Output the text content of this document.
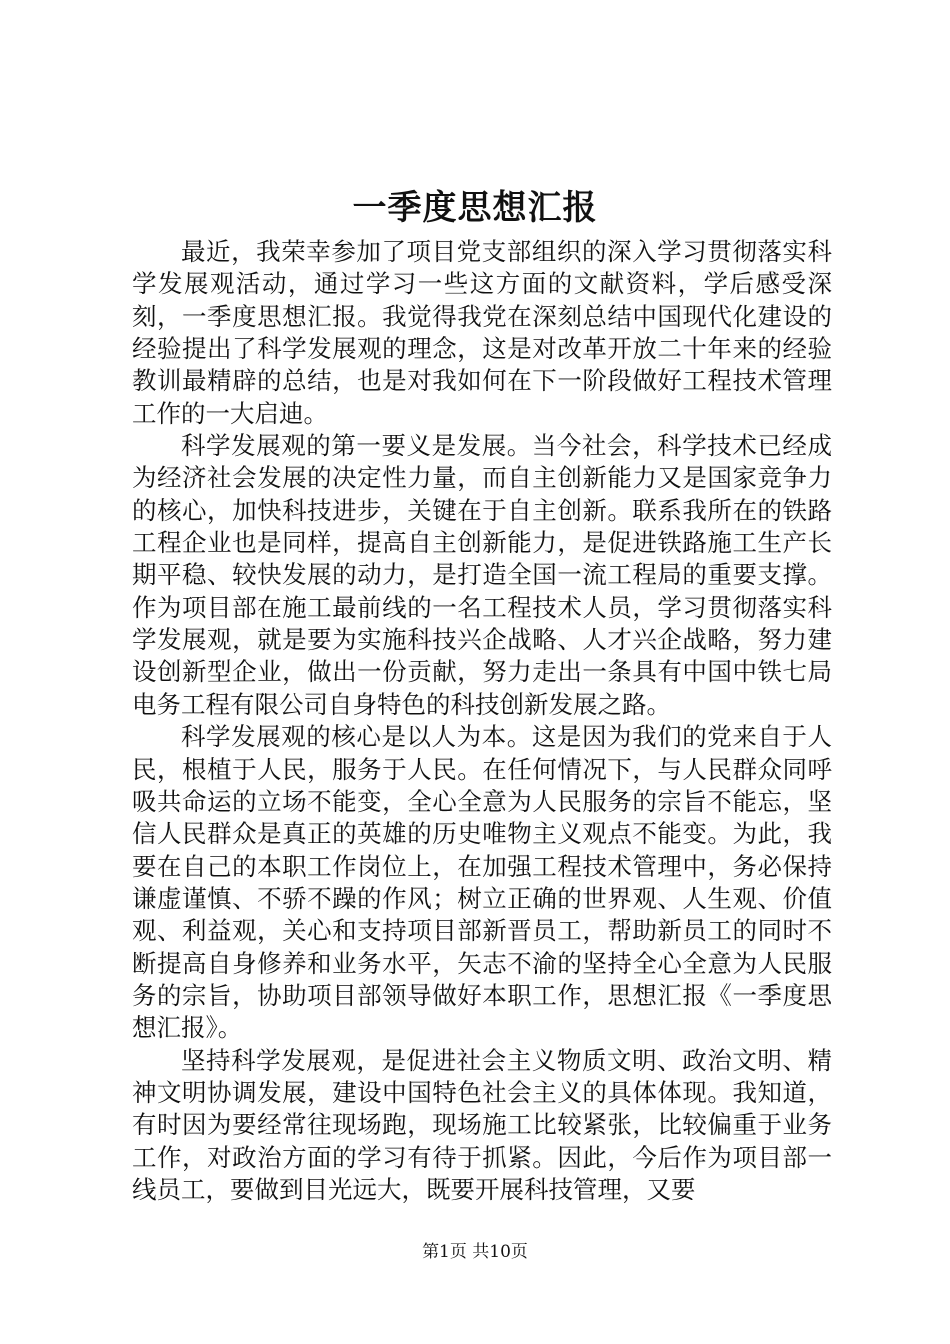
一季度思想汇报

最近，我荣幸参加了项目党支部组织的深入学习贯彻落实科学发展观活动，通过学习一些这方面的文献资料，学后感受深刻，一季度思想汇报。我觉得我党在深刻总结中国现代化建设的经验提出了科学发展观的理念，这是对改革开放二十年来的经验教训最精辟的总结，也是对我如何在下一阶段做好工程技术管理工作的一大启迪。

科学发展观的第一要义是发展。当今社会，科学技术已经成为经济社会发展的决定性力量，而自主创新能力又是国家竞争力的核心，加快科技进步，关键在于自主创新。联系我所在的铁路工程企业也是同样，提高自主创新能力，是促进铁路施工生产长期平稳、较快发展的动力，是打造全国一流工程局的重要支撑。作为项目部在施工最前线的一名工程技术人员，学习贯彻落实科学发展观，就是要为实施科技兴企战略、人才兴企战略，努力建设创新型企业，做出一份贡献，努力走出一条具有中国中铁七局电务工程有限公司自身特色的科技创新发展之路。

科学发展观的核心是以人为本。这是因为我们的党来自于人民，根植于人民，服务于人民。在任何情况下，与人民群众同呼吸共命运的立场不能变，全心全意为人民服务的宗旨不能忘，坚信人民群众是真正的英雄的历史唯物主义观点不能变。为此，我要在自己的本职工作岗位上，在加强工程技术管理中，务必保持谦虚谨慎、不骄不躁的作风；树立正确的世界观、人生观、价值观、利益观，关心和支持项目部新晋员工，帮助新员工的同时不断提高自身修养和业务水平，矢志不渝的坚持全心全意为人民服务的宗旨，协助项目部领导做好本职工作，思想汇报《一季度思想汇报》。

坚持科学发展观，是促进社会主义物质文明、政治文明、精神文明协调发展，建设中国特色社会主义的具体体现。我知道，有时因为要经常往现场跑，现场施工比较紧张，比较偏重于业务工作，对政治方面的学习有待于抓紧。因此，今后作为项目部一线员工，要做到目光远大，既要开展科技管理，又要

第1页 共10页
